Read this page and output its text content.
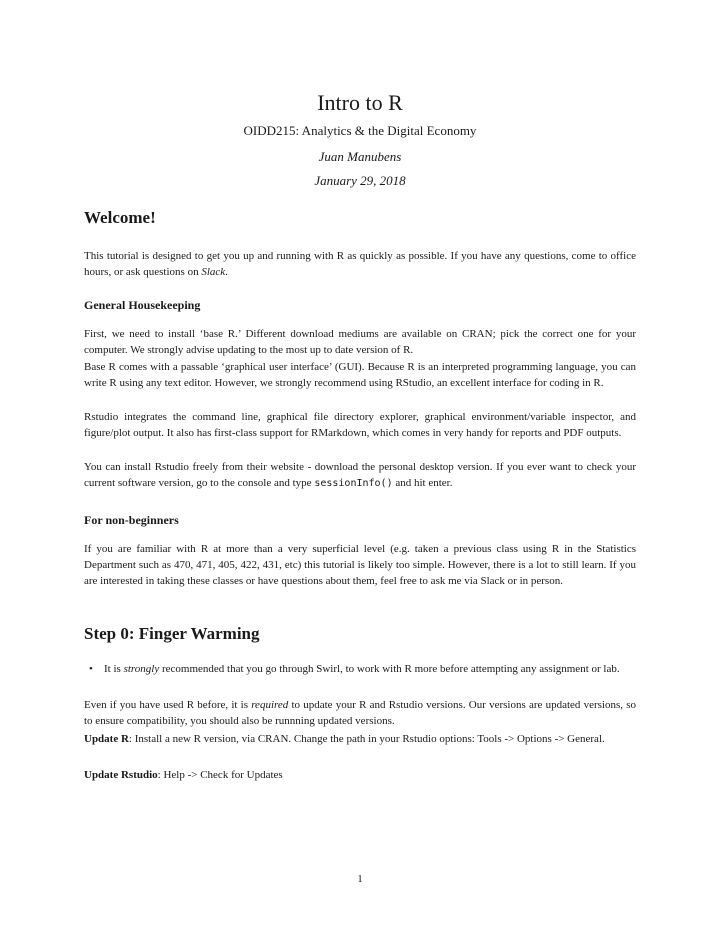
Intro to R
OIDD215: Analytics & the Digital Economy
Juan Manubens
January 29, 2018
Welcome!

This tutorial is designed to get you up and running with R as quickly as possible. If you have any questions, come to office hours, or ask questions on Slack.

General Housekeeping

First, we need to install ‘base R.’ Different download mediums are available on CRAN; pick the correct one for your computer. We strongly advise updating to the most up to date version of R.

Base R comes with a passable ‘graphical user interface’ (GUI). Because R is an interpreted programming language, you can write R using any text editor. However, we strongly recommend using RStudio, an excellent interface for coding in R.

Rstudio integrates the command line, graphical file directory explorer, graphical environment/variable inspector, and figure/plot output. It also has first-class support for RMarkdown, which comes in very handy for reports and PDF outputs.

You can install Rstudio freely from their website - download the personal desktop version. If you ever want to check your current software version, go to the console and type sessionInfo() and hit enter.

For non-beginners

If you are familiar with R at more than a very superficial level (e.g. taken a previous class using R in the Statistics Department such as 470, 471, 405, 422, 431, etc) this tutorial is likely too simple. However, there is a lot to still learn. If you are interested in taking these classes or have questions about them, feel free to ask me via Slack or in person.

Step 0: Finger Warming
• It is strongly recommended that you go through Swirl, to work with R more before attempting any assignment or lab.

Even if you have used R before, it is required to update your R and Rstudio versions. Our versions are updated versions, so to ensure compatibility, you should also be runnning updated versions.

Update R: Install a new R version, via CRAN. Change the path in your Rstudio options: Tools -> Options -> General.

Update Rstudio: Help -> Check for Updates

1
